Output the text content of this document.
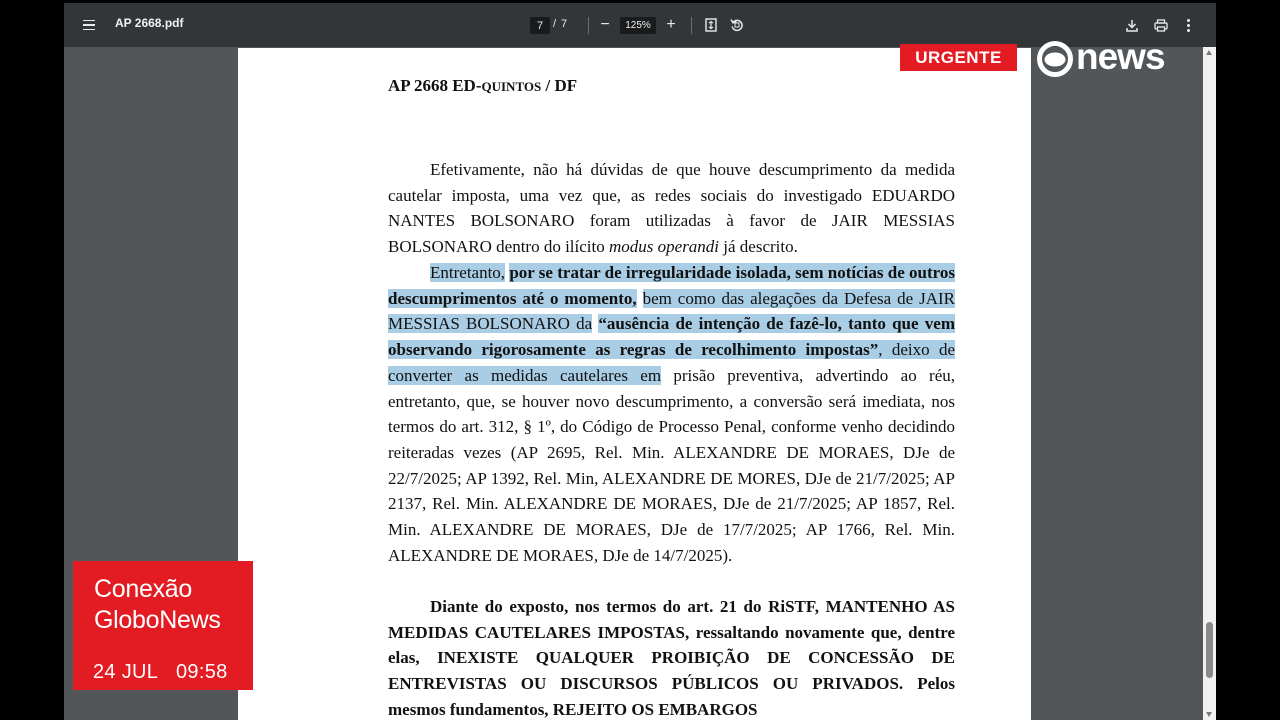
AP 2668.pdf	7 / 7 −	125% +
AP 2668 ED-QUINTOS / DF
Efetivamente, não há dúvidas de que houve descumprimento da medida cautelar imposta, uma vez que, as redes sociais do investigado EDUARDO NANTES BOLSONARO foram utilizadas à favor de JAIR MESSIAS BOLSONARO dentro do ilícito modus operandi já descrito.
Entretanto, por se tratar de irregularidade isolada, sem notícias de outros descumprimentos até o momento, bem como das alegações da Defesa de JAIR MESSIAS BOLSONARO da “ausência de intenção de fazê-lo, tanto que vem observando rigorosamente as regras de recolhimento impostas”, deixo de converter as medidas cautelares em prisão preventiva, advertindo ao réu, entretanto, que, se houver novo descumprimento, a conversão será imediata, nos termos do art. 312, § 1º, do Código de Processo Penal, conforme venho decidindo reiteradas vezes (AP 2695, Rel. Min. ALEXANDRE DE MORAES, DJe de 22/7/2025; AP 1392, Rel. Min, ALEXANDRE DE MORES, DJe de 21/7/2025; AP 2137, Rel. Min. ALEXANDRE DE MORAES, DJe de 21/7/2025; AP 1857, Rel. Min. ALEXANDRE DE MORAES, DJe de 17/7/2025; AP 1766, Rel. Min. ALEXANDRE DE MORAES, DJe de 14/7/2025).
Diante do exposto, nos termos do art. 21 do RiSTF, MANTENHO AS MEDIDAS CAUTELARES IMPOSTAS, ressaltando novamente que, dentre elas, INEXISTE QUALQUER PROIBIÇÃO DE CONCESSÃO DE ENTREVISTAS OU DISCURSOS PÚBLICOS OU PRIVADOS. Pelos mesmos fundamentos, REJEITO OS EMBARGOS
URGENTE	news
Conexão
GloboNews
24 JUL 09:58
